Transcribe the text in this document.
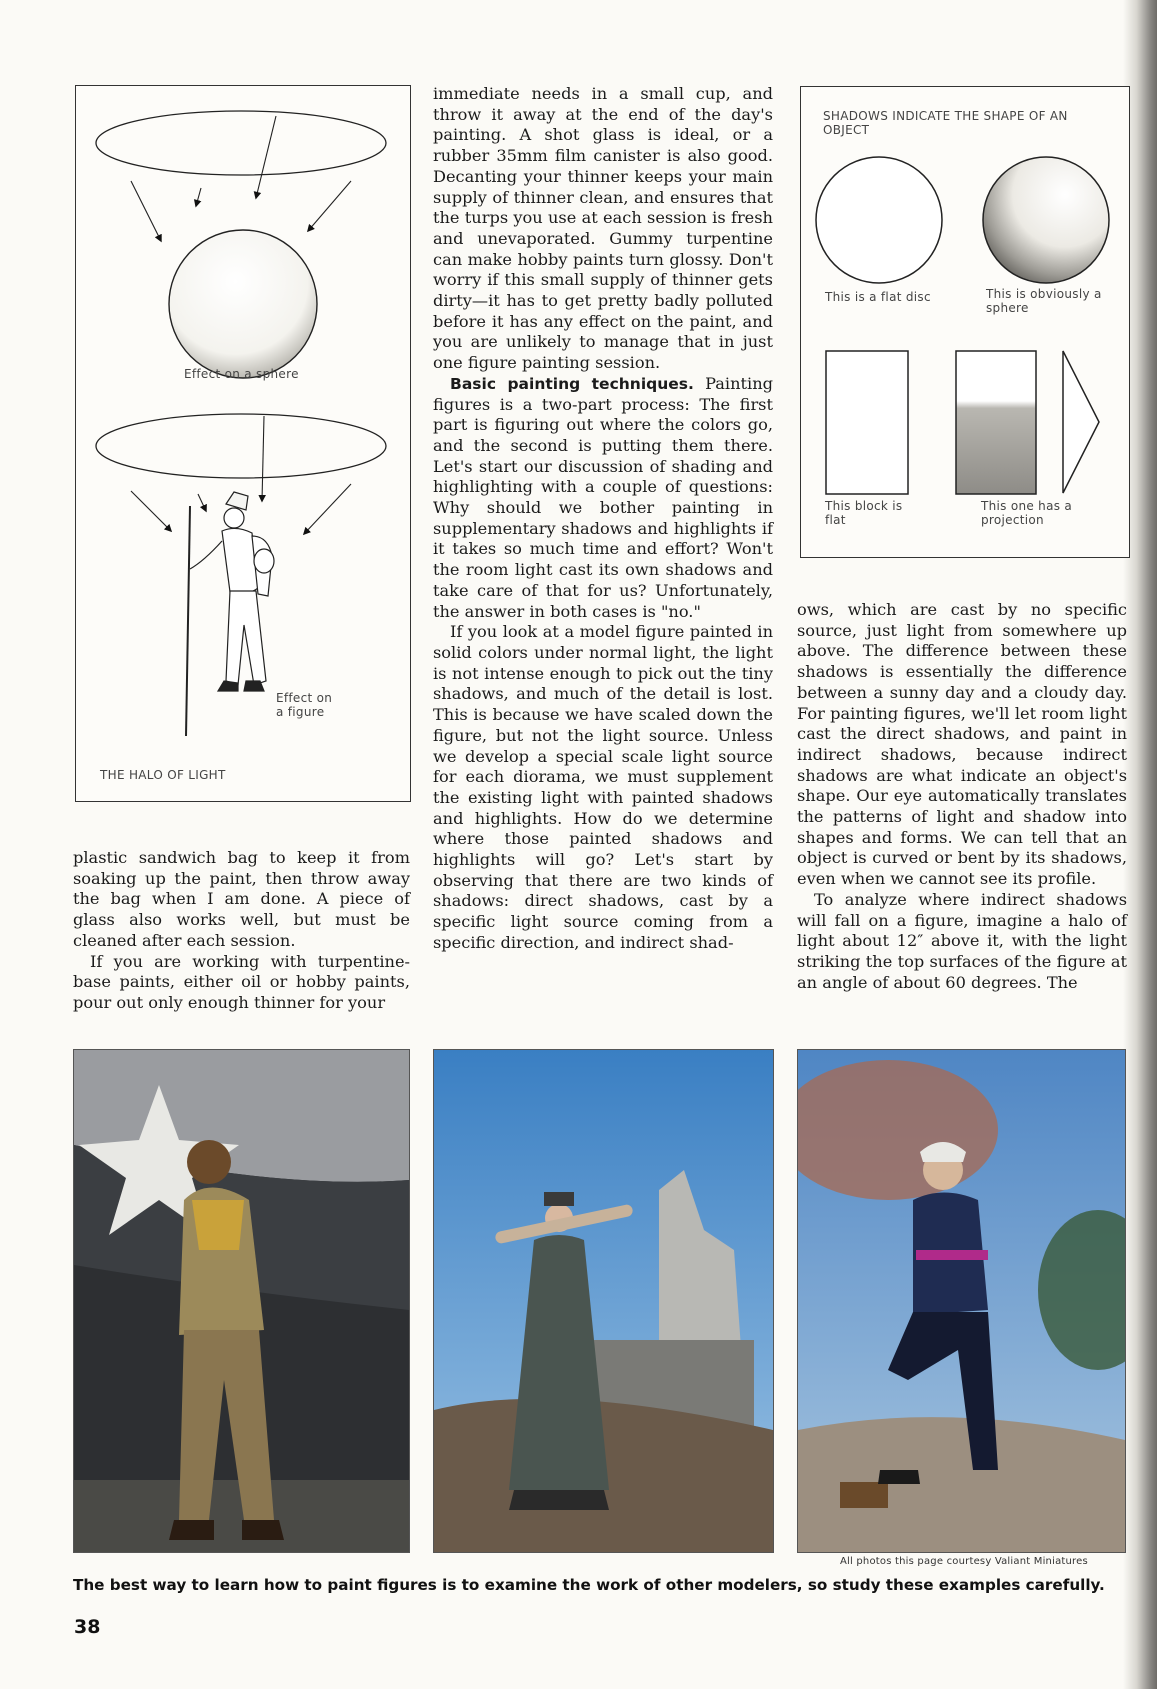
Effect on a sphere
Effect on a figure
THE HALO OF LIGHT
SHADOWS INDICATE THE SHAPE OF AN OBJECT
This is a flat disc	This is obviously a sphere
This block is flat
This one has a projection

plastic sandwich bag to keep it from soaking up the paint, then throw away the bag when I am done. A piece of glass also works well, but must be cleaned after each session.

If you are working with turpentine-base paints, either oil or hobby paints, pour out only enough thinner for your

immediate needs in a small cup, and throw it away at the end of the day's painting. A shot glass is ideal, or a rubber 35mm film canister is also good. Decanting your thinner keeps your main supply of thinner clean, and ensures that the turps you use at each session is fresh and unevaporated. Gummy turpentine can make hobby paints turn glossy. Don't worry if this small supply of thinner gets dirty—it has to get pretty badly polluted before it has any effect on the paint, and you are unlikely to manage that in just one figure painting session.

Basic painting techniques. Painting figures is a two-part process: The first part is figuring out where the colors go, and the second is putting them there. Let's start our discussion of shading and highlighting with a couple of questions: Why should we bother painting in supplementary shadows and highlights if it takes so much time and effort? Won't the room light cast its own shadows and take care of that for us? Unfortunately, the answer in both cases is "no."

If you look at a model figure painted in solid colors under normal light, the light is not intense enough to pick out the tiny shadows, and much of the detail is lost. This is because we have scaled down the figure, but not the light source. Unless we develop a special scale light source for each diorama, we must supplement the existing light with painted shadows and highlights. How do we determine where those painted shadows and highlights will go? Let's start by observing that there are two kinds of shadows: direct shadows, cast by a specific light source coming from a specific direction, and indirect shad-

ows, which are cast by no specific source, just light from somewhere up above. The difference between these shadows is essentially the difference between a sunny day and a cloudy day. For painting figures, we'll let room light cast the direct shadows, and paint in indirect shadows, because indirect shadows are what indicate an object's shape. Our eye automatically translates the patterns of light and shadow into shapes and forms. We can tell that an object is curved or bent by its shadows, even when we cannot see its profile.

To analyze where indirect shadows will fall on a figure, imagine a halo of light about 12″ above it, with the light striking the top surfaces of the figure at an angle of about 60 degrees. The

All photos this page courtesy Valiant Miniatures
The best way to learn how to paint figures is to examine the work of other modelers, so study these examples carefully.
38
